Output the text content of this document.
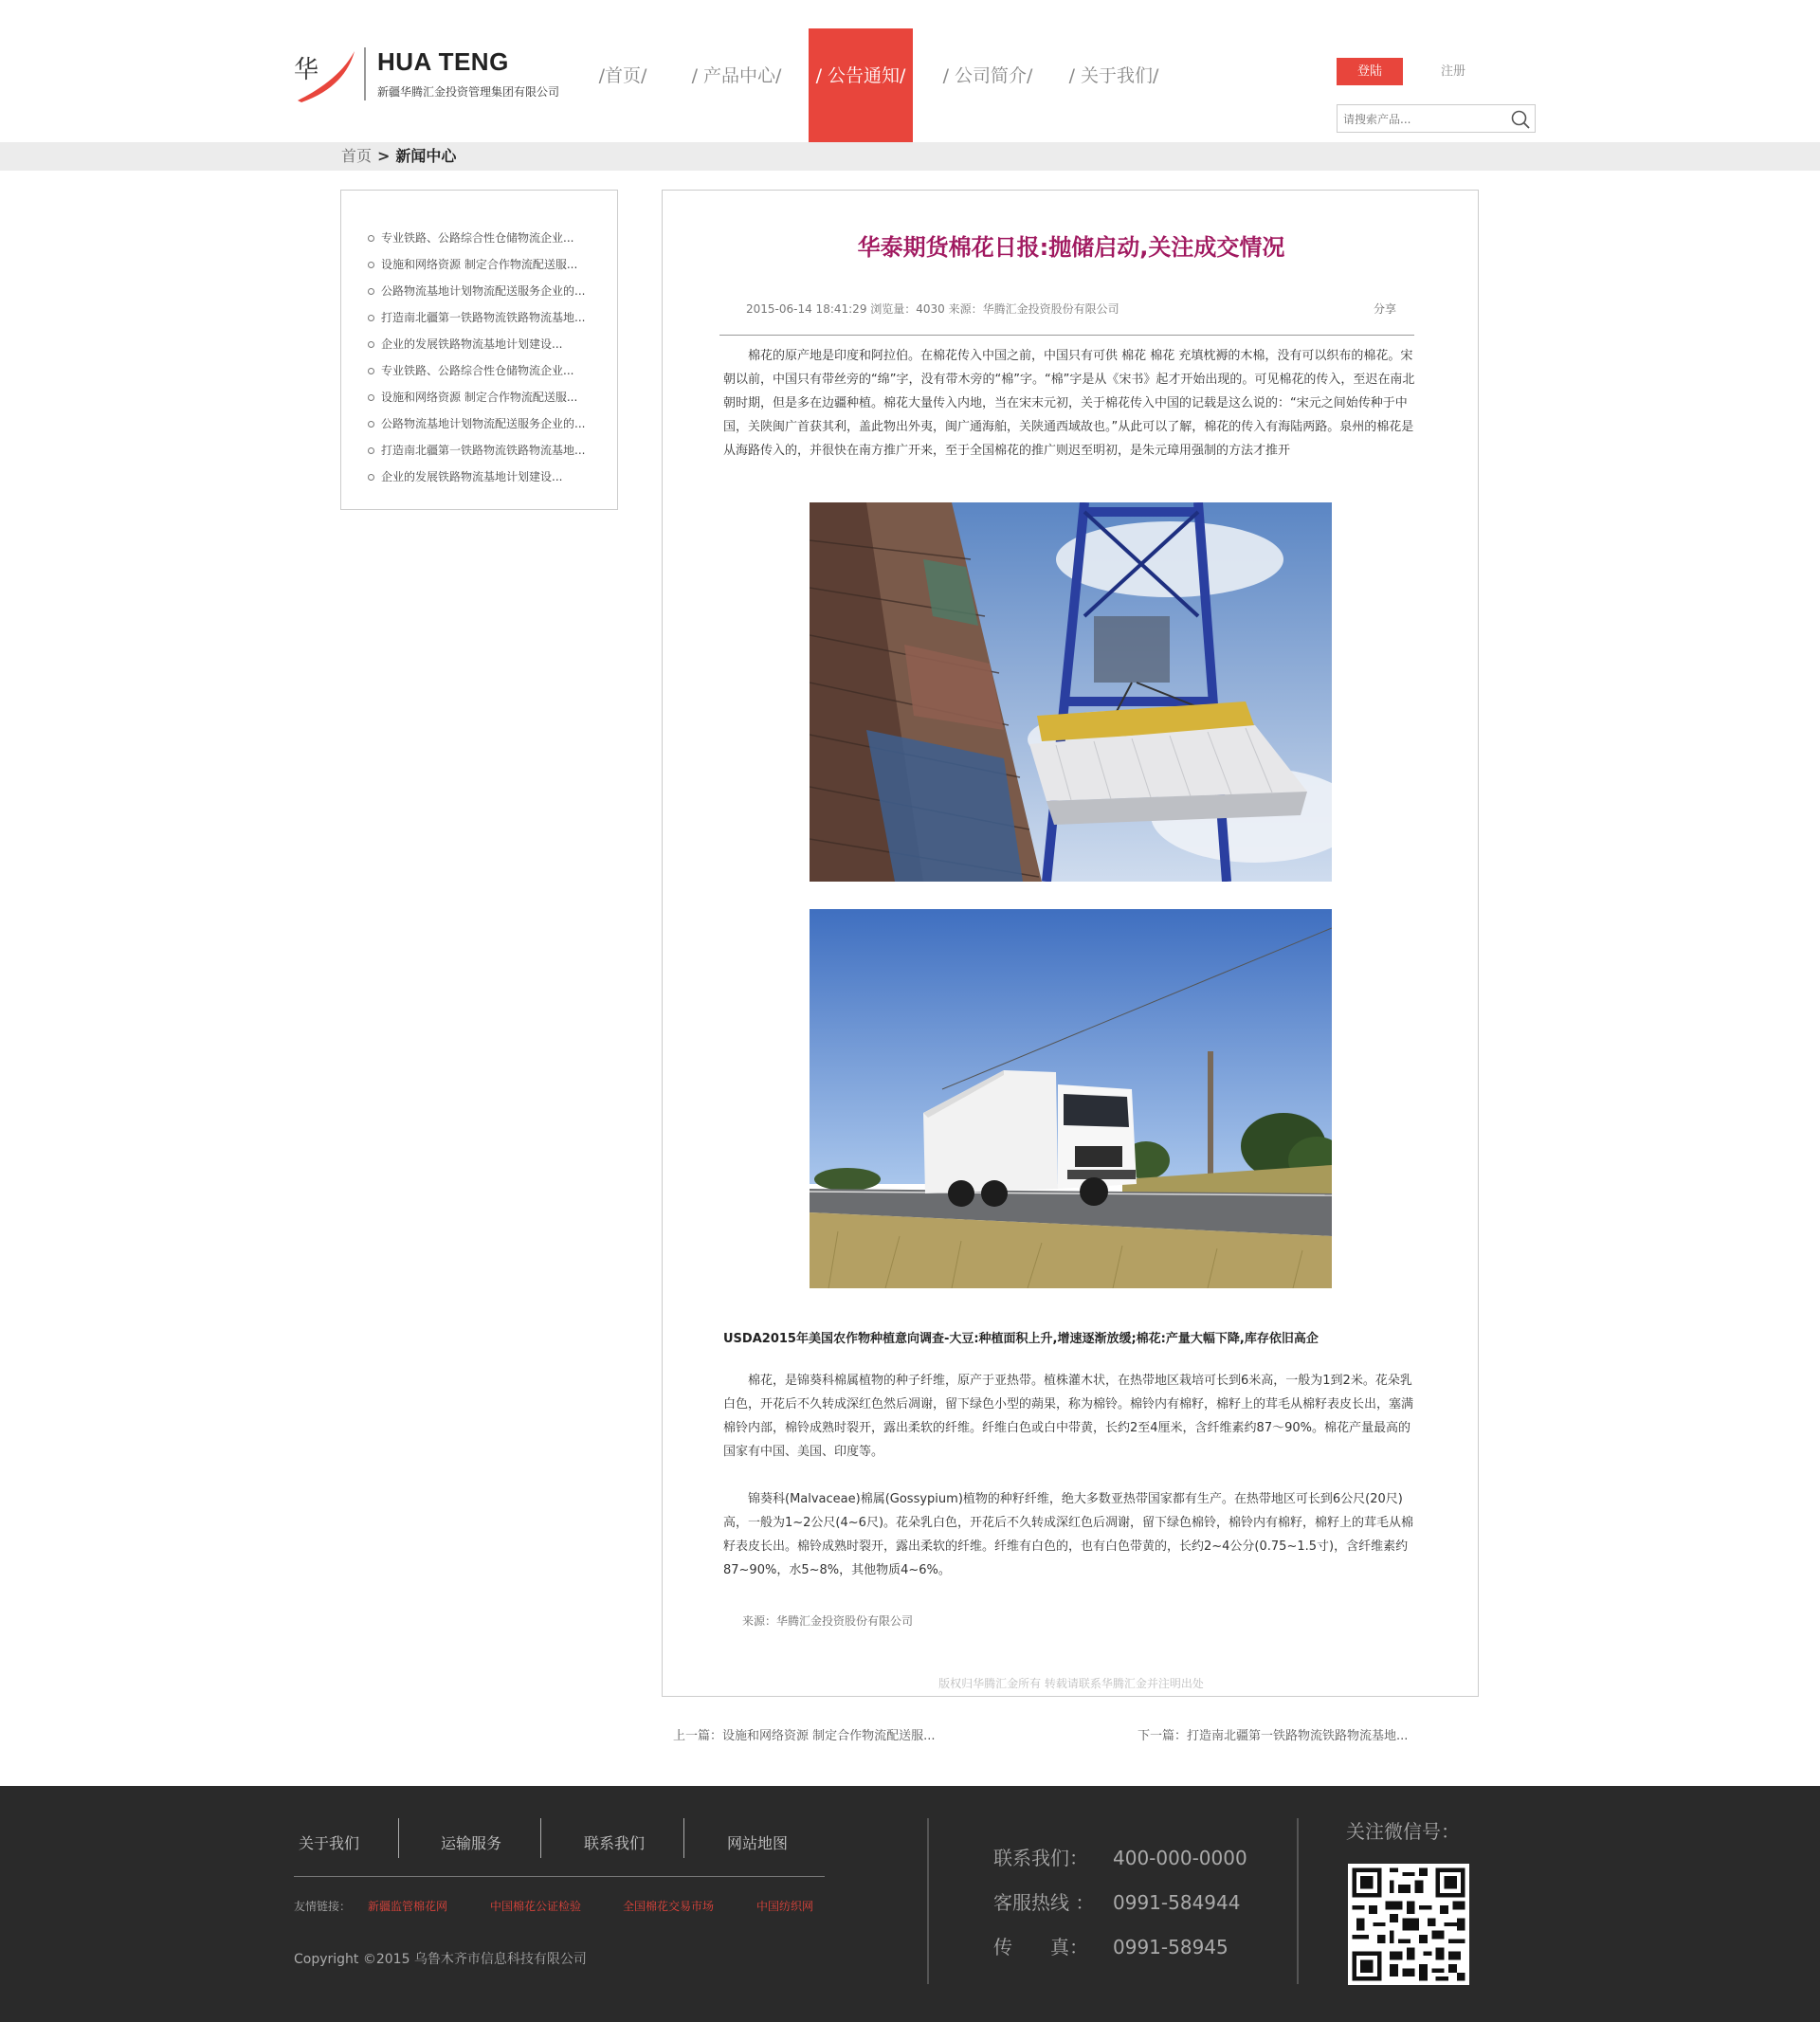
华 HUA TENG
新疆华腾汇金投资管理集团有限公司
/首页/	/ 产品中心/	/ 公告通知/	/ 公司简介/	/ 关于我们/	登陆	注册
请搜索产品...
首页 > 新闻中心
专业铁路、公路综合性仓储物流企业...
设施和网络资源 制定合作物流配送服...
公路物流基地计划物流配送服务企业的...
打造南北疆第一铁路物流铁路物流基地...
企业的发展铁路物流基地计划建设...
专业铁路、公路综合性仓储物流企业...
设施和网络资源 制定合作物流配送服...
公路物流基地计划物流配送服务企业的...
打造南北疆第一铁路物流铁路物流基地...
企业的发展铁路物流基地计划建设...
华泰期货棉花日报:抛储启动,关注成交情况
2015-06-14 18:41:29 浏览量：4030 来源：华腾汇金投资股份有限公司	分享

棉花的原产地是印度和阿拉伯。在棉花传入中国之前，中国只有可供 棉花 棉花 充填枕褥的木棉，没有可以织布的棉花。宋朝以前，中国只有带丝旁的“绵”字，没有带木旁的“棉”字。“棉”字是从《宋书》起才开始出现的。可见棉花的传入，至迟在南北朝时期，但是多在边疆种植。棉花大量传入内地，当在宋末元初，关于棉花传入中国的记载是这么说的：“宋元之间始传种于中国，关陕闽广首获其利，盖此物出外夷，闽广通海舶，关陕通西域故也。”从此可以了解，棉花的传入有海陆两路。泉州的棉花是从海路传入的，并很快在南方推广开来，至于全国棉花的推广则迟至明初，是朱元璋用强制的方法才推开

USDA2015年美国农作物种植意向调查-大豆:种植面积上升,增速逐渐放缓;棉花:产量大幅下降,库存依旧高企

棉花，是锦葵科棉属植物的种子纤维，原产于亚热带。植株灌木状，在热带地区栽培可长到6米高，一般为1到2米。花朵乳白色，开花后不久转成深红色然后凋谢，留下绿色小型的蒴果，称为棉铃。棉铃内有棉籽，棉籽上的茸毛从棉籽表皮长出，塞满棉铃内部，棉铃成熟时裂开，露出柔软的纤维。纤维白色或白中带黄，长约2至4厘米，含纤维素约87～90%。棉花产量最高的国家有中国、美国、印度等。

锦葵科(Malvaceae)棉属(Gossypium)植物的种籽纤维，绝大多数亚热带国家都有生产。在热带地区可长到6公尺(20尺)高，一般为1~2公尺(4~6尺)。花朵乳白色，开花后不久转成深红色后凋谢，留下绿色棉铃，棉铃内有棉籽，棉籽上的茸毛从棉籽表皮长出。棉铃成熟时裂开，露出柔软的纤维。纤维有白色的，也有白色带黄的，长约2~4公分(0.75~1.5寸)，含纤维素约87~90%，水5~8%，其他物质4~6%。

来源：华腾汇金投资股份有限公司
版权归华腾汇金所有 转载请联系华腾汇金并注明出处
上一篇：设施和网络资源 制定合作物流配送服...	下一篇：打造南北疆第一铁路物流铁路物流基地...
关于我们	运输服务	联系我们	网站地图
友情链接： 新疆监管棉花网	中国棉花公证检验	全国棉花交易市场	中国纺织网
Copyright ©2015 乌鲁木齐市信息科技有限公司
联系我们： 400-000-0000
客服热线 ： 0991-584944
传　　真： 0991-58945
关注微信号：
